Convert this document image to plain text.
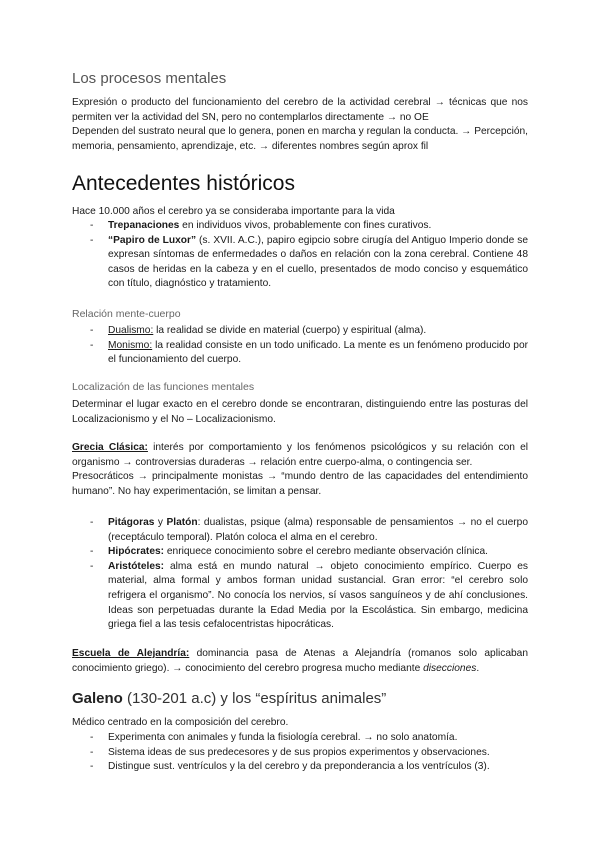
Los procesos mentales
Expresión o producto del funcionamiento del cerebro de la actividad cerebral → técnicas que nos permiten ver la actividad del SN, pero no contemplarlos directamente → no OE
Dependen del sustrato neural que lo genera, ponen en marcha y regulan la conducta. → Percepción, memoria, pensamiento, aprendizaje, etc. → diferentes nombres según aprox fil
Antecedentes históricos
Hace 10.000 años el cerebro ya se consideraba importante para la vida
- Trepanaciones en individuos vivos, probablemente con fines curativos.
- “Papiro de Luxor” (s. XVII. A.C.), papiro egipcio sobre cirugía del Antiguo Imperio donde se expresan síntomas de enfermedades o daños en relación con la zona cerebral. Contiene 48 casos de heridas en la cabeza y en el cuello, presentados de modo conciso y esquemático con título, diagnóstico y tratamiento.
Relación mente-cuerpo
- Dualismo: la realidad se divide en material (cuerpo) y espiritual (alma).
- Monismo: la realidad consiste en un todo unificado. La mente es un fenómeno producido por el funcionamiento del cuerpo.
Localización de las funciones mentales
Determinar el lugar exacto en el cerebro donde se encontraran, distinguiendo entre las posturas del Localizacionismo y el No – Localizacionismo.
Grecia Clásica: interés por comportamiento y los fenómenos psicológicos y su relación con el organismo → controversias duraderas → relación entre cuerpo-alma, o contingencia ser.
Presocráticos → principalmente monistas → “mundo dentro de las capacidades del entendimiento humano”. No hay experimentación, se limitan a pensar.
- Pitágoras y Platón: dualistas, psique (alma) responsable de pensamientos → no el cuerpo (receptáculo temporal). Platón coloca el alma en el cerebro.
- Hipócrates: enriquece conocimiento sobre el cerebro mediante observación clínica.
- Aristóteles: alma está en mundo natural → objeto conocimiento empírico. Cuerpo es material, alma formal y ambos forman unidad sustancial. Gran error: “el cerebro solo refrigera el organismo”. No conocía los nervios, sí vasos sanguíneos y de ahí conclusiones. Ideas son perpetuadas durante la Edad Media por la Escolástica. Sin embargo, medicina griega fiel a las tesis cefalocentristas hipocráticas.
Escuela de Alejandría: dominancia pasa de Atenas a Alejandría (romanos solo aplicaban conocimiento griego). → conocimiento del cerebro progresa mucho mediante disecciones.
Galeno (130-201 a.c) y los “espíritus animales”
Médico centrado en la composición del cerebro.
- Experimenta con animales y funda la fisiología cerebral. → no solo anatomía.
- Sistema ideas de sus predecesores y de sus propios experimentos y observaciones.
- Distingue sust. ventrículos y la del cerebro y da preponderancia a los ventrículos (3).
